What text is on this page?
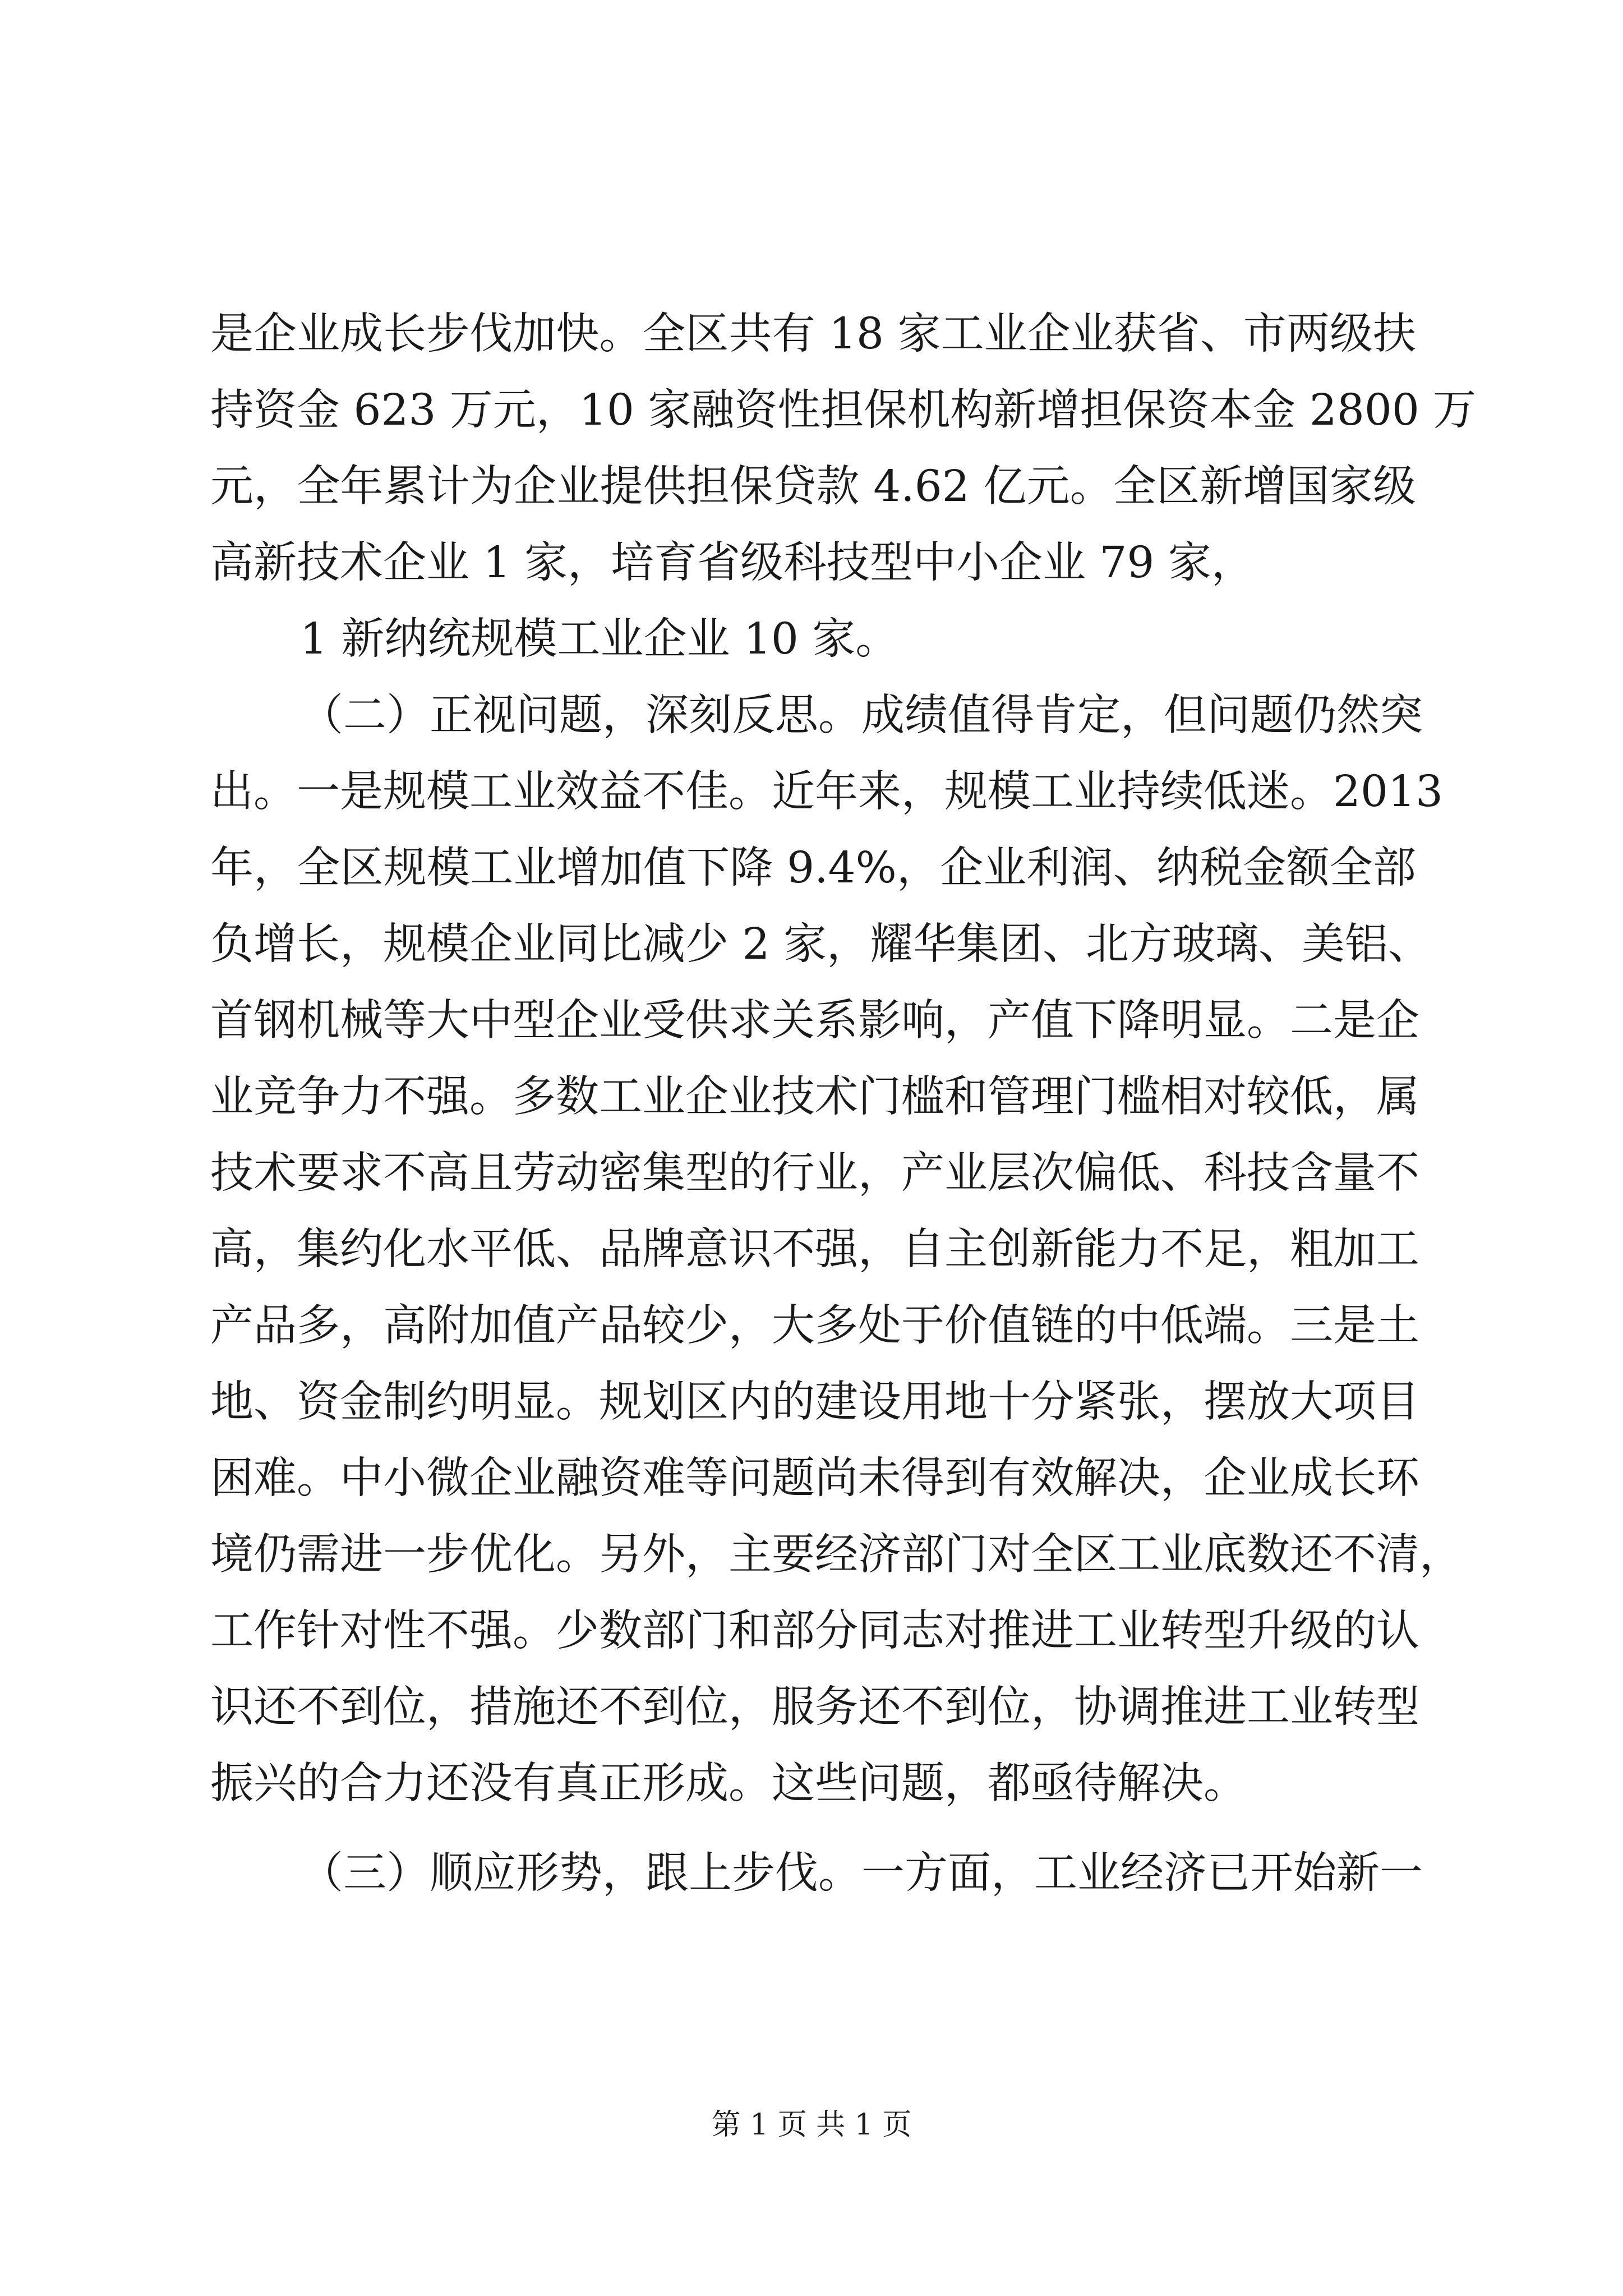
是企业成长步伐加快。全区共有 18 家工业企业获省、市两级扶
持资金 623 万元，10 家融资性担保机构新增担保资本金 2800 万
元，全年累计为企业提供担保贷款 4.62 亿元。全区新增国家级
高新技术企业 1 家，培育省级科技型中小企业 79 家，
1 新纳统规模工业企业 10 家。
（二）正视问题，深刻反思。成绩值得肯定，但问题仍然突
出。一是规模工业效益不佳。近年来，规模工业持续低迷。2013
年，全区规模工业增加值下降 9.4%，企业利润、纳税金额全部
负增长，规模企业同比减少 2 家，耀华集团、北方玻璃、美铝、
首钢机械等大中型企业受供求关系影响，产值下降明显。二是企
业竞争力不强。多数工业企业技术门槛和管理门槛相对较低，属
技术要求不高且劳动密集型的行业，产业层次偏低、科技含量不
高，集约化水平低、品牌意识不强，自主创新能力不足，粗加工
产品多，高附加值产品较少，大多处于价值链的中低端。三是土
地、资金制约明显。规划区内的建设用地十分紧张，摆放大项目
困难。中小微企业融资难等问题尚未得到有效解决，企业成长环
境仍需进一步优化。另外，主要经济部门对全区工业底数还不清，
工作针对性不强。少数部门和部分同志对推进工业转型升级的认
识还不到位，措施还不到位，服务还不到位，协调推进工业转型
振兴的合力还没有真正形成。这些问题，都亟待解决。
（三）顺应形势，跟上步伐。一方面，工业经济已开始新一
第 1 页 共 1 页
